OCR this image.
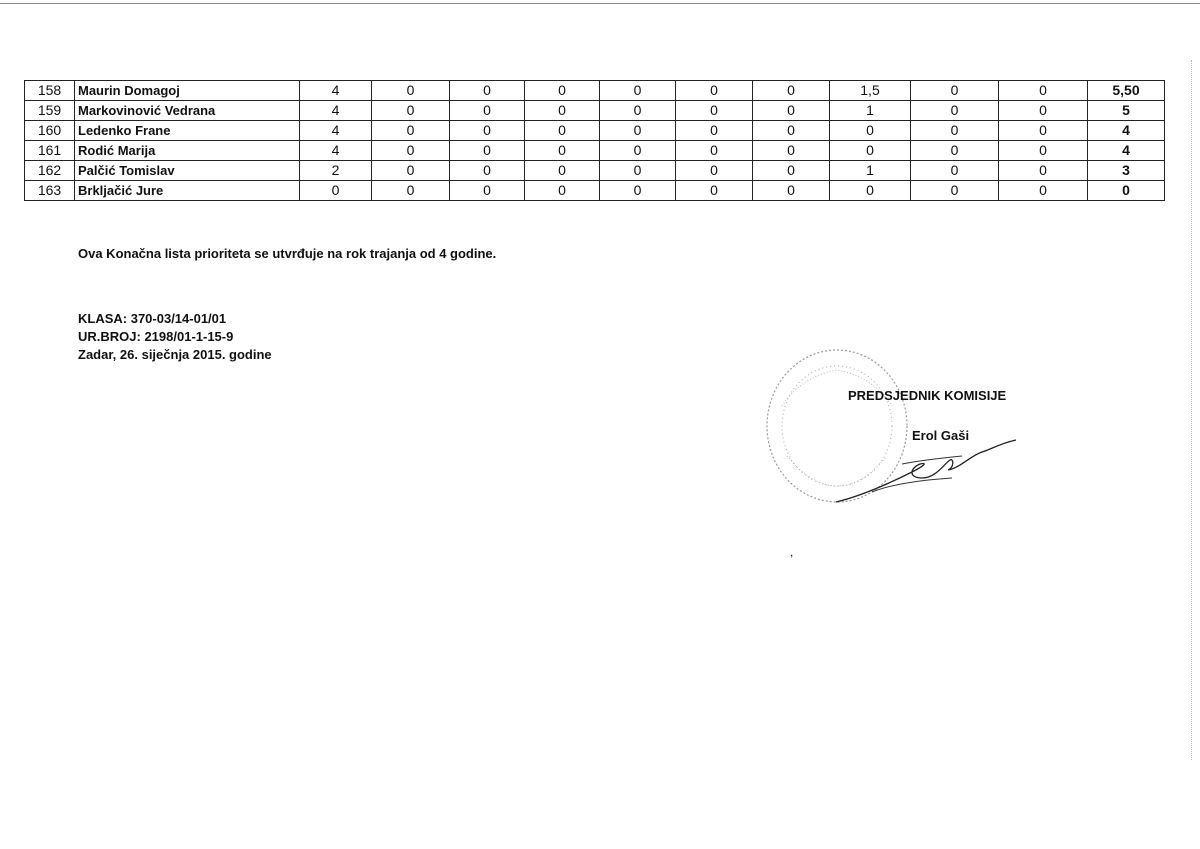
158	Maurin Domagoj	4	0	0	0	0	0	0	1,5	0	0	5,50
159	Markovinović Vedrana	4	0	0	0	0	0	0	1	0	0	5
160	Ledenko Frane	4	0	0	0	0	0	0	0	0	0	4
161	Rodić Marija	4	0	0	0	0	0	0	0	0	0	4
162	Palčić Tomislav	2	0	0	0	0	0	0	1	0	0	3
163	Brkljačić Jure	0	0	0	0	0	0	0	0	0	0	0

Ova Konačna lista prioriteta se utvrđuje na rok trajanja od 4 godine.

KLASA: 370-03/14-01/01

UR.BROJ: 2198/01-1-15-9

Zadar, 26. siječnja 2015. godine

PREDSJEDNIK KOMISIJE

Erol Gaši

,
